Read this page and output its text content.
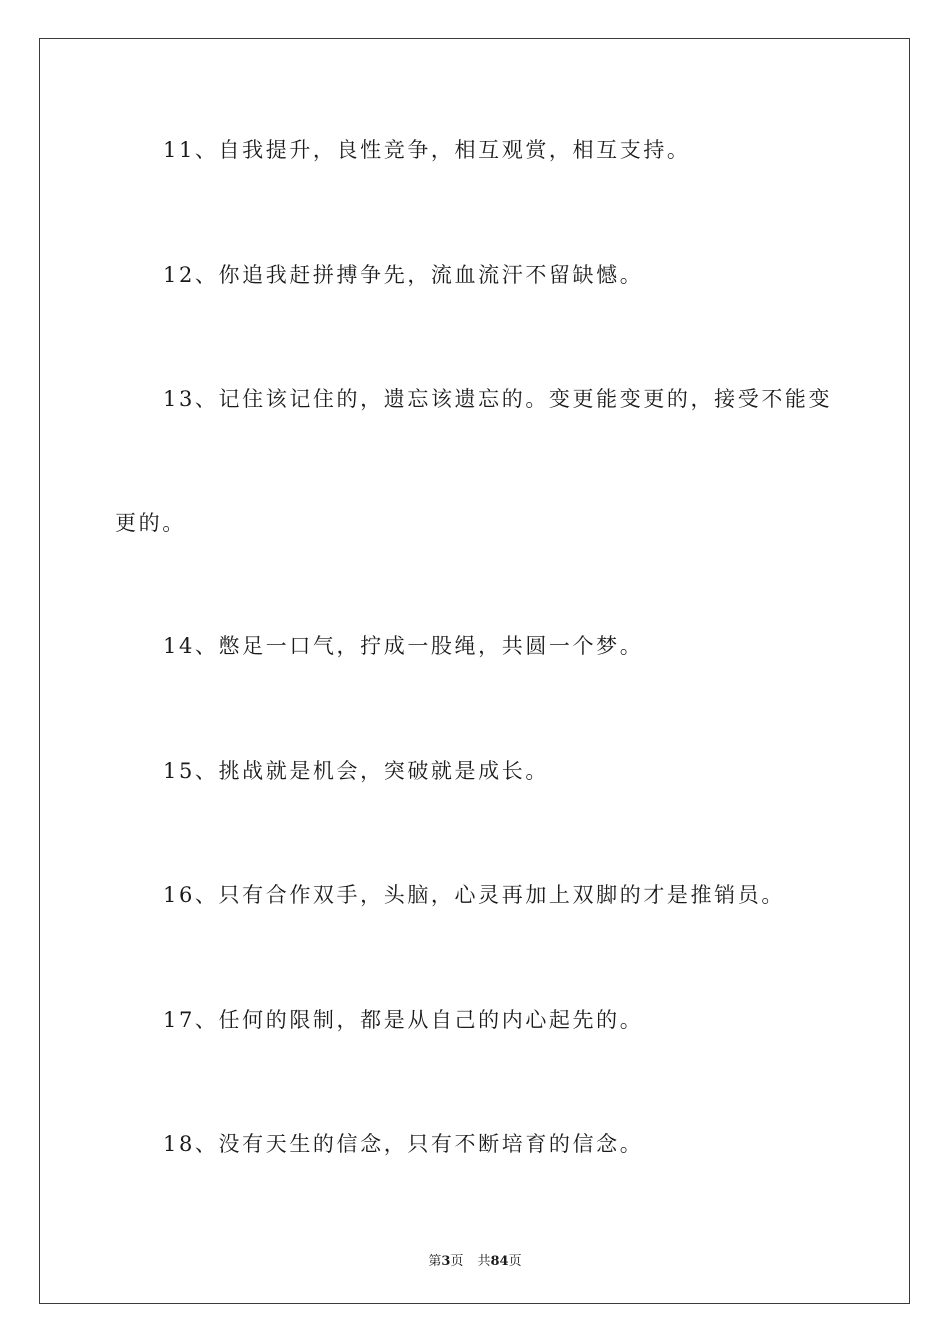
11、自我提升，良性竞争，相互观赏，相互支持。
12、你追我赶拼搏争先，流血流汗不留缺憾。
13、记住该记住的，遗忘该遗忘的。变更能变更的，接受不能变
更的。
14、憋足一口气，拧成一股绳，共圆一个梦。
15、挑战就是机会，突破就是成长。
16、只有合作双手，头脑，心灵再加上双脚的才是推销员。
17、任何的限制，都是从自己的内心起先的。
18、没有天生的信念，只有不断培育的信念。
第3页 共84页
